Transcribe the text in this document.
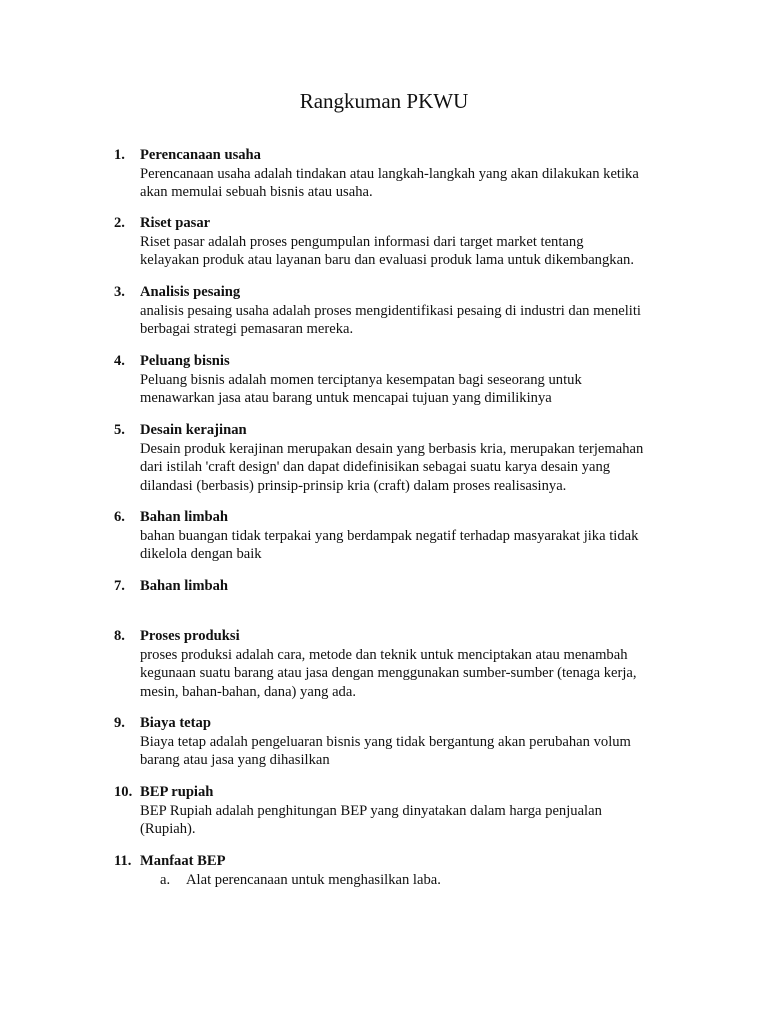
Rangkuman PKWU
1. Perencanaan usaha
Perencanaan usaha adalah tindakan atau langkah-langkah yang akan dilakukan ketika
akan memulai sebuah bisnis atau usaha.
2. Riset pasar
Riset pasar adalah proses pengumpulan informasi dari target market tentang
kelayakan produk atau layanan baru dan evaluasi produk lama untuk dikembangkan.
3. Analisis pesaing
analisis pesaing usaha adalah proses mengidentifikasi pesaing di industri dan meneliti
berbagai strategi pemasaran mereka.
4. Peluang bisnis
Peluang bisnis adalah momen terciptanya kesempatan bagi seseorang untuk
menawarkan jasa atau barang untuk mencapai tujuan yang dimilikinya
5. Desain kerajinan
Desain produk kerajinan merupakan desain yang berbasis kria, merupakan terjemahan
dari istilah 'craft design' dan dapat didefinisikan sebagai suatu karya desain yang
dilandasi (berbasis) prinsip-prinsip kria (craft) dalam proses realisasinya.
6. Bahan limbah
bahan buangan tidak terpakai yang berdampak negatif terhadap masyarakat jika tidak
dikelola dengan baik
7. Bahan limbah
8. Proses produksi
proses produksi adalah cara, metode dan teknik untuk menciptakan atau menambah
kegunaan suatu barang atau jasa dengan menggunakan sumber-sumber (tenaga kerja,
mesin, bahan-bahan, dana) yang ada.
9. Biaya tetap
Biaya tetap adalah pengeluaran bisnis yang tidak bergantung akan perubahan volum
barang atau jasa yang dihasilkan
10. BEP rupiah
BEP Rupiah adalah penghitungan BEP yang dinyatakan dalam harga penjualan
(Rupiah).
11. Manfaat BEP
a. Alat perencanaan untuk menghasilkan laba.
